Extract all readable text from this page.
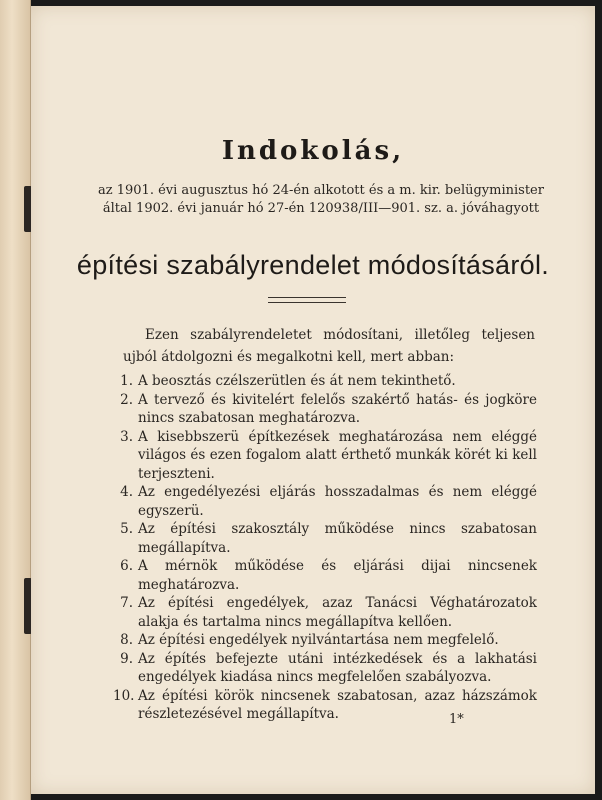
Indokolás,
az 1901. évi augusztus hó 24-én alkotott és a m. kir. belügyminister által 1902. évi január hó 27-én 120938/III—901. sz. a. jóváhagyott
építési szabályrendelet módosításáról.
Ezen szabályrendeletet módosítani, illetőleg teljesen ujból átdolgozni és megalkotni kell, mert abban:
1. A beosztás czélszerütlen és át nem tekinthető.
2. A tervező és kivitelért felelős szakértő hatás- és jogköre nincs szabatosan meghatározva.
3. A kisebbszerü építkezések meghatározása nem eléggé világos és ezen fogalom alatt érthető munkák körét ki kell terjeszteni.
4. Az engedélyezési eljárás hosszadalmas és nem eléggé egyszerü.
5. Az építési szakosztály működése nincs szabatosan megállapítva.
6. A mérnök működése és eljárási dijai nincsenek meghatározva.
7. Az építési engedélyek, azaz Tanácsi Véghatározatok alakja és tartalma nincs megállapítva kellően.
8. Az építési engedélyek nyilvántartása nem megfelelő.
9. Az építés befejezte utáni intézkedések és a lakhatási engedélyek kiadása nincs megfelelően szabályozva.
10. Az építési körök nincsenek szabatosan, azaz házszámok részletezésével megállapítva.	1*
